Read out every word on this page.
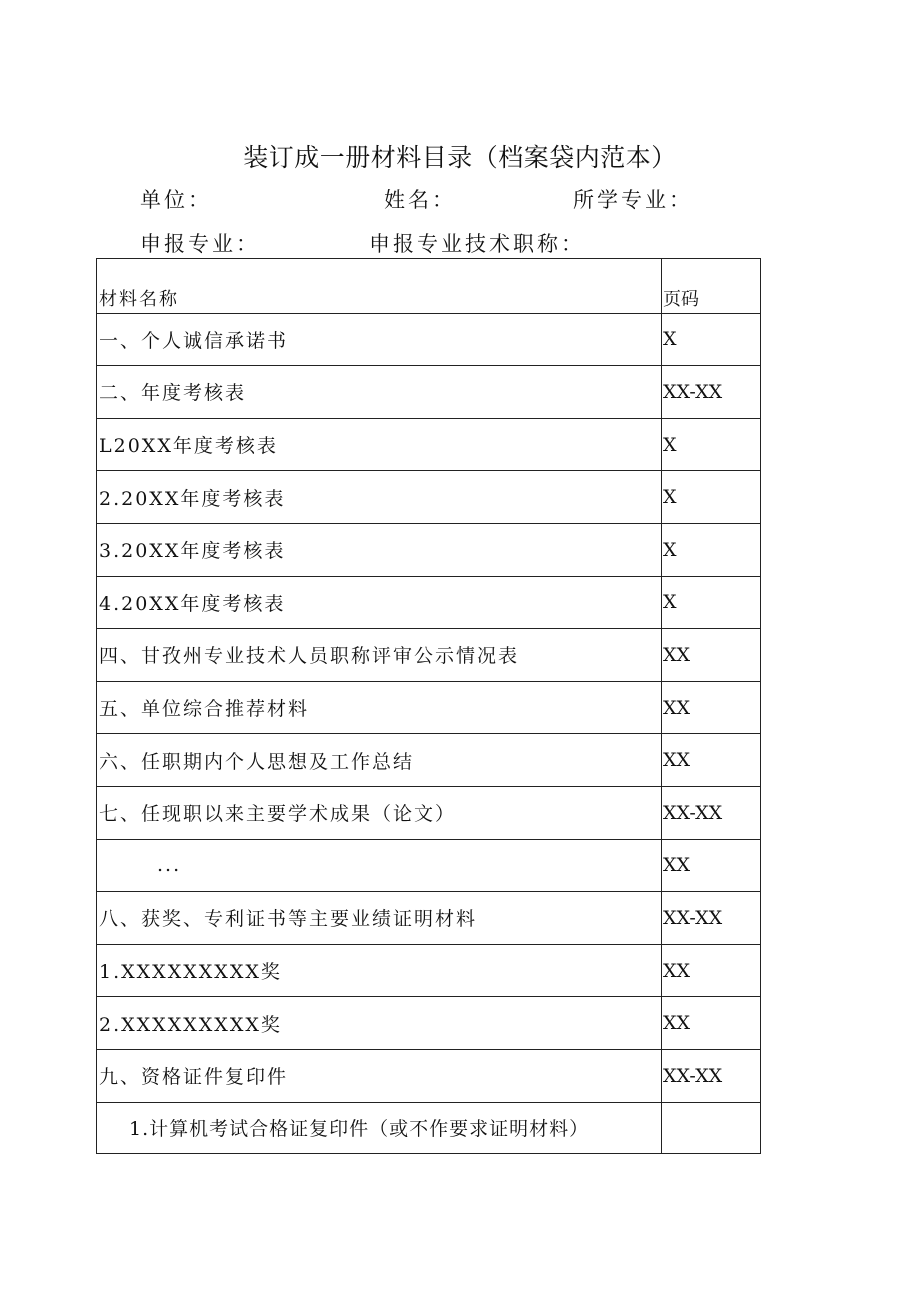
装订成一册材料目录（档案袋内范本）
单位：	姓名：	所学专业：
申报专业：	申报专业技术职称：
材料名称	页码
一、个人诚信承诺书	X
二、年度考核表	XX-XX
L20XX年度考核表	X
2.20XX年度考核表	X
3.20XX年度考核表	X
4.20XX年度考核表	X
四、甘孜州专业技术人员职称评审公示情况表	XX
五、单位综合推荐材料	XX
六、任职期内个人思想及工作总结	XX
七、任现职以来主要学术成果（论文）	XX-XX
...	XX
八、获奖、专利证书等主要业绩证明材料	XX-XX
1.XXXXXXXXX奖	XX
2.XXXXXXXXX奖	XX
九、资格证件复印件	XX-XX
1.计算机考试合格证复印件（或不作要求证明材料）	
